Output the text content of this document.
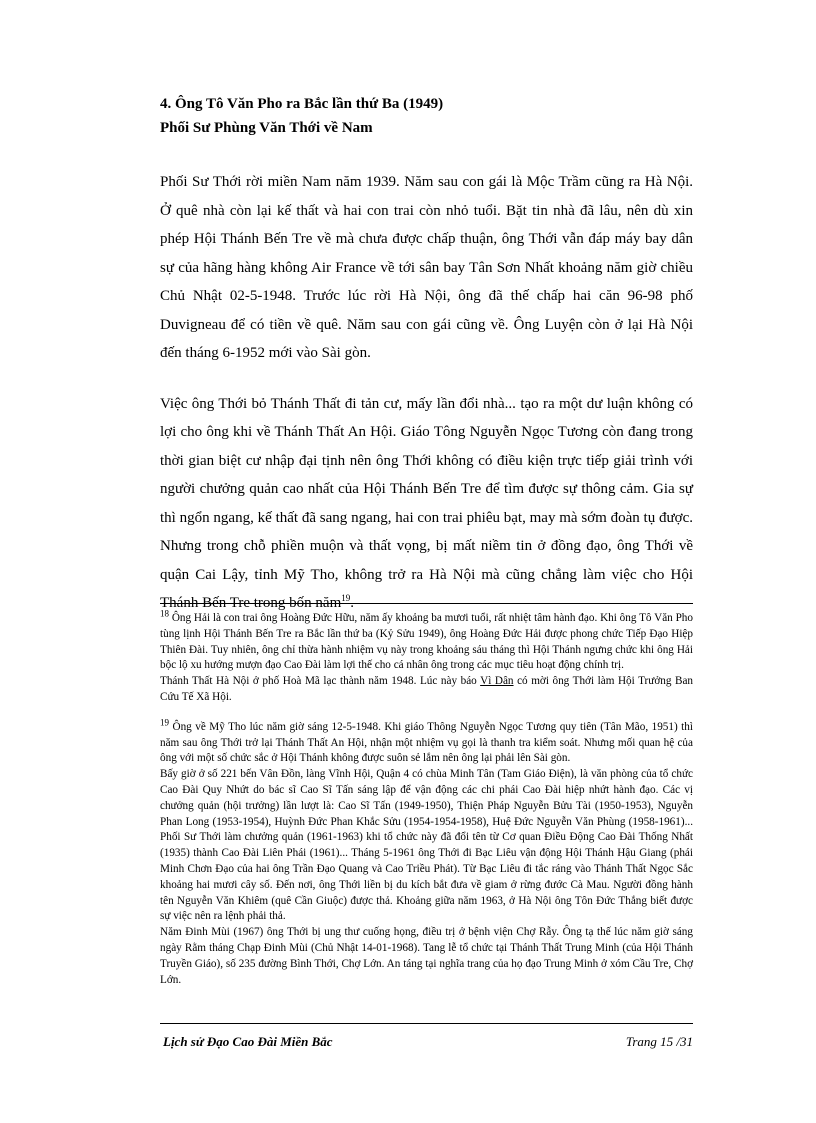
4. Ông Tô Văn Pho ra Bắc lần thứ Ba (1949)

Phối Sư Phùng Văn Thới về Nam

Phối Sư Thới rời miền Nam năm 1939. Năm sau con gái là Mộc Trầm cũng ra Hà Nội. Ở quê nhà còn lại kế thất và hai con trai còn nhỏ tuổi. Bặt tin nhà đã lâu, nên dù xin phép Hội Thánh Bến Tre về mà chưa được chấp thuận, ông Thới vẫn đáp máy bay dân sự của hãng hàng không Air France về tới sân bay Tân Sơn Nhất khoảng năm giờ chiều Chủ Nhật 02-5-1948. Trước lúc rời Hà Nội, ông đã thế chấp hai căn 96-98 phố Duvigneau để có tiền về quê. Năm sau con gái cũng về. Ông Luyện còn ở lại Hà Nội đến tháng 6-1952 mới vào Sài gòn.

Việc ông Thới bỏ Thánh Thất đi tản cư, mấy lần đổi nhà... tạo ra một dư luận không có lợi cho ông khi về Thánh Thất An Hội. Giáo Tông Nguyễn Ngọc Tương còn đang trong thời gian biệt cư nhập đại tịnh nên ông Thới không có điều kiện trực tiếp giải trình với người chưởng quản cao nhất của Hội Thánh Bến Tre để tìm được sự thông cảm. Gia sự thì ngổn ngang, kế thất đã sang ngang, hai con trai phiêu bạt, may mà sớm đoàn tụ được. Nhưng trong chỗ phiền muộn và thất vọng, bị mất niềm tin ở đồng đạo, ông Thới về quận Cai Lậy, tỉnh Mỹ Tho, không trở ra Hà Nội mà cũng chẳng làm việc cho Hội Thánh Bến Tre trong bốn năm$^{19}$.

$^{18}$ Ông Hải là con trai ông Hoàng Đức Hữu, năm ấy khoảng ba mươi tuổi, rất nhiệt tâm hành đạo. Khi ông Tô Văn Pho tùng lịnh Hội Thánh Bến Tre ra Bắc lần thứ ba (Kỷ Sửu 1949), ông Hoàng Đức Hải được phong chức Tiếp Đạo Hiệp Thiên Đài. Tuy nhiên, ông chỉ thừa hành nhiệm vụ này trong khoảng sáu tháng thì Hội Thánh ngưng chức khi ông Hải bộc lộ xu hướng mượn đạo Cao Đài làm lợi thế cho cá nhân ông trong các mục tiêu hoạt động chính trị.

Thánh Thất Hà Nội ở phố Hoà Mã lạc thành năm 1948. Lúc này báo Vì Dân có mời ông Thới làm Hội Trưởng Ban Cứu Tế Xã Hội.

$^{19}$ Ông về Mỹ Tho lúc năm giờ sáng 12-5-1948. Khi giáo Thông Nguyễn Ngọc Tương quy tiên (Tân Mão, 1951) thì năm sau ông Thới trở lại Thánh Thất An Hội, nhận một nhiệm vụ gọi là thanh tra kiểm soát. Nhưng mối quan hệ của ông với một số chức sắc ở Hội Thánh không được suôn sẻ lắm nên ông lại phải lên Sài gòn.

Bấy giờ ở số 221 bến Vân Đồn, làng Vĩnh Hội, Quận 4 có chùa Minh Tân (Tam Giáo Điện), là văn phòng của tổ chức Cao Đài Quy Nhứt do bác sĩ Cao Sĩ Tấn sáng lập để vận động các chi phái Cao Đài hiệp nhứt hành đạo. Các vị chưởng quản (hội trưởng) lần lượt là: Cao Sĩ Tấn (1949-1950), Thiện Pháp Nguyễn Bửu Tài (1950-1953), Nguyễn Phan Long (1953-1954), Huỳnh Đức Phan Khắc Sửu (1954-1954-1958), Huệ Đức Nguyễn Văn Phùng (1958-1961)... Phối Sư Thới làm chưởng quản (1961-1963) khi tổ chức này đã đổi tên từ Cơ quan Điều Động Cao Đài Thống Nhất (1935) thành Cao Đài Liên Phái (1961)... Tháng 5-1961 ông Thới đi Bạc Liêu vận động Hội Thánh Hậu Giang (phái Minh Chơn Đạo của hai ông Trần Đạo Quang và Cao Triều Phát). Từ Bạc Liêu đi tắc ráng vào Thánh Thất Ngọc Sắc khoảng hai mươi cây số. Đến nơi, ông Thới liền bị du kích bắt đưa về giam ở rừng đước Cà Mau. Người đồng hành tên Nguyễn Văn Khiêm (quê Cần Giuộc) được thả. Khoảng giữa năm 1963, ở Hà Nội ông Tôn Đức Thắng biết được sự việc nên ra lệnh phải thả.

Năm Đinh Mùi (1967) ông Thới bị ung thư cuống họng, điều trị ở bệnh viện Chợ Rẫy. Ông tạ thế lúc năm giờ sáng ngày Rằm tháng Chạp Đinh Mùi (Chủ Nhật 14-01-1968). Tang lễ tổ chức tại Thánh Thất Trung Minh (của Hội Thánh Truyền Giáo), số 235 đường Bình Thới, Chợ Lớn. An táng tại nghĩa trang của họ đạo Trung Minh ở xóm Cầu Tre, Chợ Lớn.

Lịch sử Đạo Cao Đài Miền Bắc	Trang 15 /31
